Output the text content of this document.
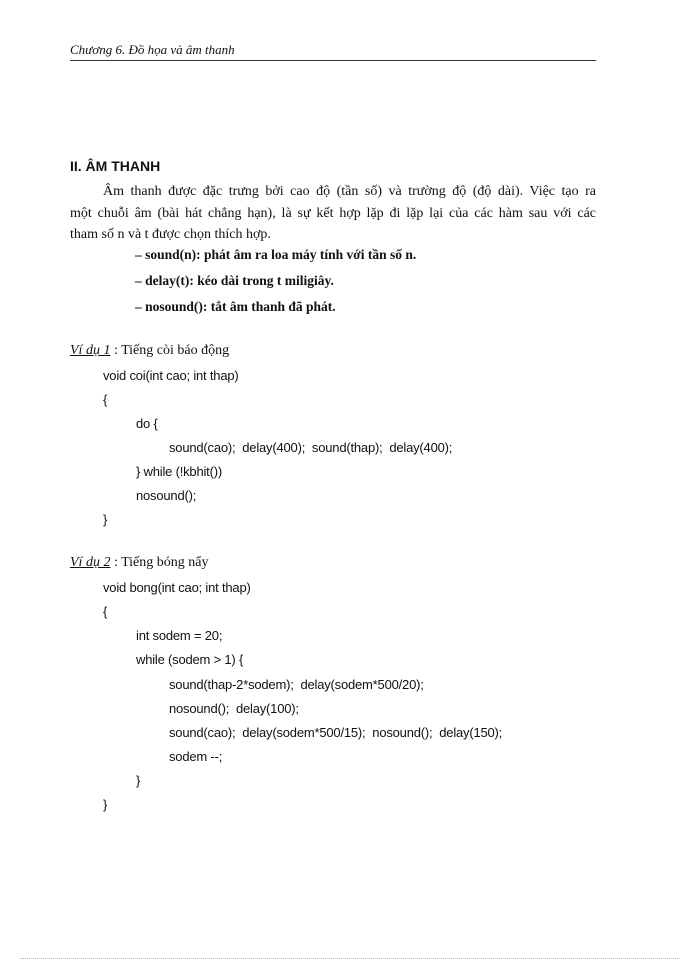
Chương 6. Đồ họa và âm thanh
II. ÂM THANH
Âm thanh được đặc trưng bởi cao độ (tần số) và trường độ (độ dài). Việc tạo ra
một chuỗi âm (bài hát chẳng hạn), là sự kết hợp lặp đi lặp lại của các hàm sau với các
tham số n và t được chọn thích hợp.
– sound(n): phát âm ra loa máy tính với tần số n.
– delay(t): kéo dài trong t miligiây.
– nosound(): tắt âm thanh đã phát.
Ví dụ 1 : Tiếng còi báo động
void coi(int cao; int thap)
{
do {
sound(cao);  delay(400);  sound(thap);  delay(400);
} while (!kbhit())
nosound();
}
Ví dụ 2 : Tiếng bóng nẩy
void bong(int cao; int thap)
{
int sodem = 20;
while (sodem > 1) {
sound(thap-2*sodem);  delay(sodem*500/20);
nosound();  delay(100);
sound(cao);  delay(sodem*500/15);  nosound();  delay(150);
sodem --;
}
}
